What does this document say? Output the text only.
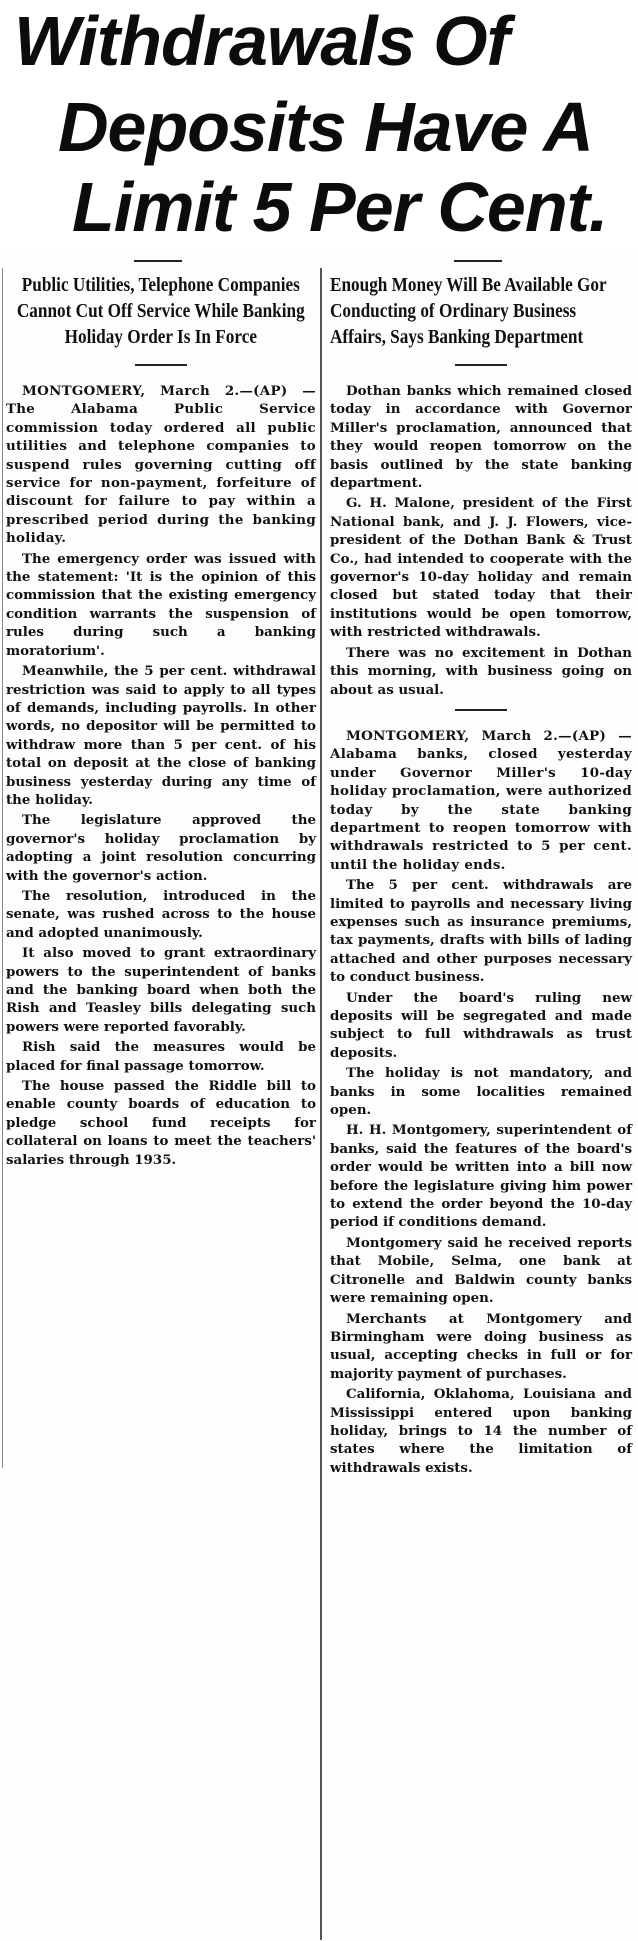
Withdrawals Of
Deposits Have A
Limit 5 Per Cent.
Public Utilities, Telephone Companies Cannot Cut Off Service While Banking Holiday Order Is In Force

MONTGOMERY, March 2.—(AP) — The Alabama Public Service commission today ordered all public utilities and telephone companies to suspend rules governing cutting off service for non-payment, forfeiture of discount for failure to pay within a prescribed period during the banking holiday.

The emergency order was issued with the statement: 'It is the opinion of this commission that the existing emergency condition warrants the suspension of rules during such a banking moratorium'.

Meanwhile, the 5 per cent. withdrawal restriction was said to apply to all types of demands, including payrolls. In other words, no depositor will be permitted to withdraw more than 5 per cent. of his total on deposit at the close of banking business yesterday during any time of the holiday.

The legislature approved the governor's holiday proclamation by adopting a joint resolution concurring with the governor's action.

The resolution, introduced in the senate, was rushed across to the house and adopted unanimously.

It also moved to grant extraordinary powers to the superintendent of banks and the banking board when both the Rish and Teasley bills delegating such powers were reported favorably.

Rish said the measures would be placed for final passage tomorrow.

The house passed the Riddle bill to enable county boards of education to pledge school fund receipts for collateral on loans to meet the teachers' salaries through 1935.

Enough Money Will Be Available Gor Conducting of Ordinary Business Affairs, Says Banking Department

Dothan banks which remained closed today in accordance with Governor Miller's proclamation, announced that they would reopen tomorrow on the basis outlined by the state banking department.

G. H. Malone, president of the First National bank, and J. J. Flowers, vice-president of the Dothan Bank & Trust Co., had intended to cooperate with the governor's 10-day holiday and remain closed but stated today that their institutions would be open tomorrow, with restricted withdrawals.

There was no excitement in Dothan this morning, with business going on about as usual.

MONTGOMERY, March 2.—(AP) — Alabama banks, closed yesterday under Governor Miller's 10-day holiday proclamation, were authorized today by the state banking department to reopen tomorrow with withdrawals restricted to 5 per cent. until the holiday ends.

The 5 per cent. withdrawals are limited to payrolls and necessary living expenses such as insurance premiums, tax payments, drafts with bills of lading attached and other purposes necessary to conduct business.

Under the board's ruling new deposits will be segregated and made subject to full withdrawals as trust deposits.

The holiday is not mandatory, and banks in some localities remained open.

H. H. Montgomery, superintendent of banks, said the features of the board's order would be written into a bill now before the legislature giving him power to extend the order beyond the 10-day period if conditions demand.

Montgomery said he received reports that Mobile, Selma, one bank at Citronelle and Baldwin county banks were remaining open.

Merchants at Montgomery and Birmingham were doing business as usual, accepting checks in full or for majority payment of purchases.

California, Oklahoma, Louisiana and Mississippi entered upon banking holiday, brings to 14 the number of states where the limitation of withdrawals exists.
